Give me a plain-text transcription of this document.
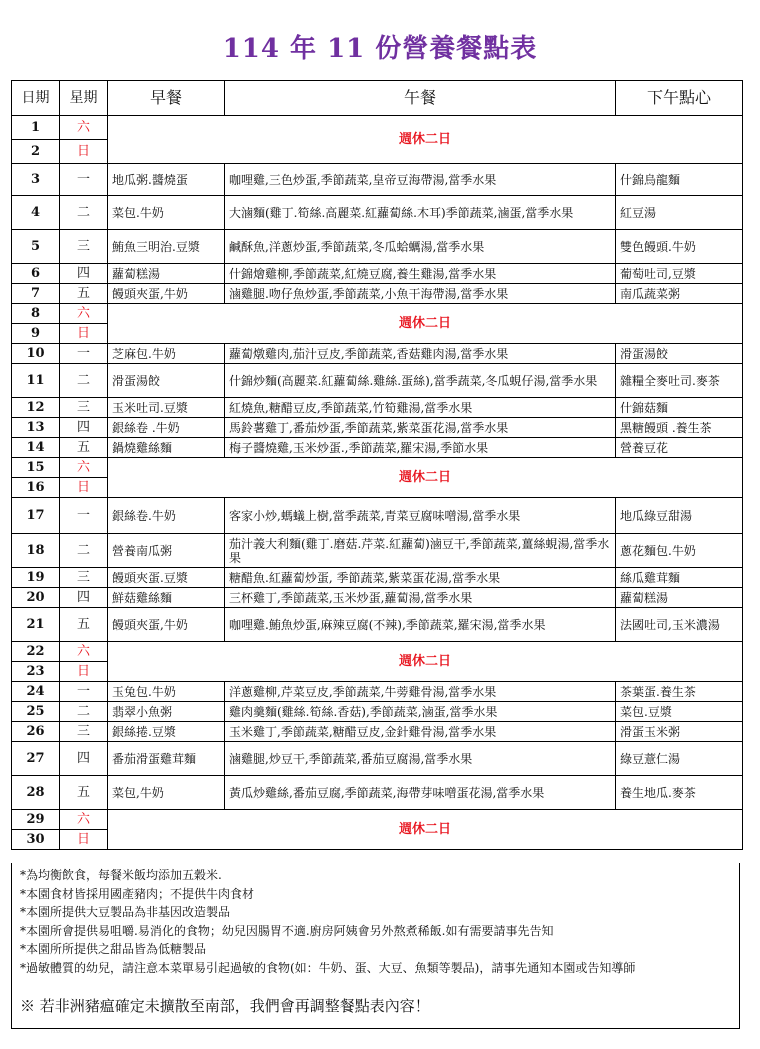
114 年 11 份營養餐點表
日期	星期	早餐	午餐	下午點心
1	六	週休二日		
2	日			
3	一	地瓜粥.醬燒蛋	咖哩雞,三色炒蛋,季節蔬菜,皇帝豆海帶湯,當季水果	什錦烏龍麵
4	二	菜包.牛奶	大滷麵(雞丁.筍絲.高麗菜.紅蘿蔔絲.木耳)季節蔬菜,滷蛋,當季水果	紅豆湯
5	三	鮪魚三明治.豆漿	鹹酥魚,洋蔥炒蛋,季節蔬菜,冬瓜蛤蠣湯,當季水果	雙色饅頭.牛奶
6	四	蘿蔔糕湯	什錦燴雞柳,季節蔬菜,紅燒豆腐,養生雞湯,當季水果	葡萄吐司,豆漿
7	五	饅頭夾蛋,牛奶	滷雞腿.吻仔魚炒蛋,季節蔬菜,小魚干海帶湯,當季水果	南瓜蔬菜粥
8	六	週休二日		
9	日			
10	一	芝麻包.牛奶	蘿蔔燉雞肉,茄汁豆皮,季節蔬菜,香菇雞肉湯,當季水果	滑蛋湯餃
11	二	滑蛋湯餃	什錦炒麵(高麗菜.紅蘿蔔絲.雞絲.蛋絲),當季蔬菜,冬瓜蜆仔湯,當季水果	雜糧全麥吐司.麥茶
12	三	玉米吐司.豆漿	紅燒魚,糖醋豆皮,季節蔬菜,竹筍雞湯,當季水果	什錦菇麵
13	四	銀絲卷 .牛奶	馬鈴薯雞丁,番茄炒蛋,季節蔬菜,紫菜蛋花湯,當季水果	黑糖饅頭 .養生茶
14	五	鍋燒雞絲麵	梅子醬燒雞,玉米炒蛋.,季節蔬菜,羅宋湯,季節水果	營養豆花
15	六	週休二日		
16	日			
17	一	銀絲卷.牛奶	客家小炒,螞蟻上樹,當季蔬菜,青菜豆腐味噌湯,當季水果	地瓜綠豆甜湯
18	二	營養南瓜粥	茄汁義大利麵(雞丁.磨菇.芹菜.紅蘿蔔)滷豆干,季節蔬菜,薑絲蜆湯,當季水果	蔥花麵包.牛奶
19	三	饅頭夾蛋.豆漿	糖醋魚.紅蘿蔔炒蛋, 季節蔬菜,紫菜蛋花湯,當季水果	絲瓜雞茸麵
20	四	鮮菇雞絲麵	三杯雞丁,季節蔬菜,玉米炒蛋,蘿蔔湯,當季水果	蘿蔔糕湯
21	五	饅頭夾蛋,牛奶	咖哩雞.鮪魚炒蛋,麻辣豆腐(不辣),季節蔬菜,羅宋湯,當季水果	法國吐司,玉米濃湯
22	六	週休二日		
23	日			
24	一	玉兔包.牛奶	洋蔥雞柳,芹菜豆皮,季節蔬菜,牛蒡雞骨湯,當季水果	茶葉蛋.養生茶
25	二	翡翠小魚粥	雞肉羹麵(雞絲.筍絲.香菇),季節蔬菜,滷蛋,當季水果	菜包.豆漿
26	三	銀絲捲.豆漿	玉米雞丁,季節蔬菜,糖醋豆皮,金針雞骨湯,當季水果	滑蛋玉米粥
27	四	番茄滑蛋雞茸麵	滷雞腿,炒豆干,季節蔬菜,番茄豆腐湯,當季水果	綠豆薏仁湯
28	五	菜包,牛奶	黃瓜炒雞絲,番茄豆腐,季節蔬菜,海帶芽味噌蛋花湯,當季水果	養生地瓜.麥茶
29	六	週休二日		
30	日			
*為均衡飲食，每餐米飯均添加五穀米.
*本園食材皆採用國產豬肉；不提供牛肉食材
*本園所提供大豆製品為非基因改造製品
*本園所會提供易咀嚼.易消化的食物；幼兒因腸胃不適.廚房阿姨會另外熬煮稀飯.如有需要請事先告知
*本園所所提供之甜品皆為低糖製品
*過敏體質的幼兒，請注意本菜單易引起過敏的食物(如：牛奶、蛋、大豆、魚類等製品)，請事先通知本園或告知導師
※ 若非洲豬瘟確定未擴散至南部，我們會再調整餐點表內容！
